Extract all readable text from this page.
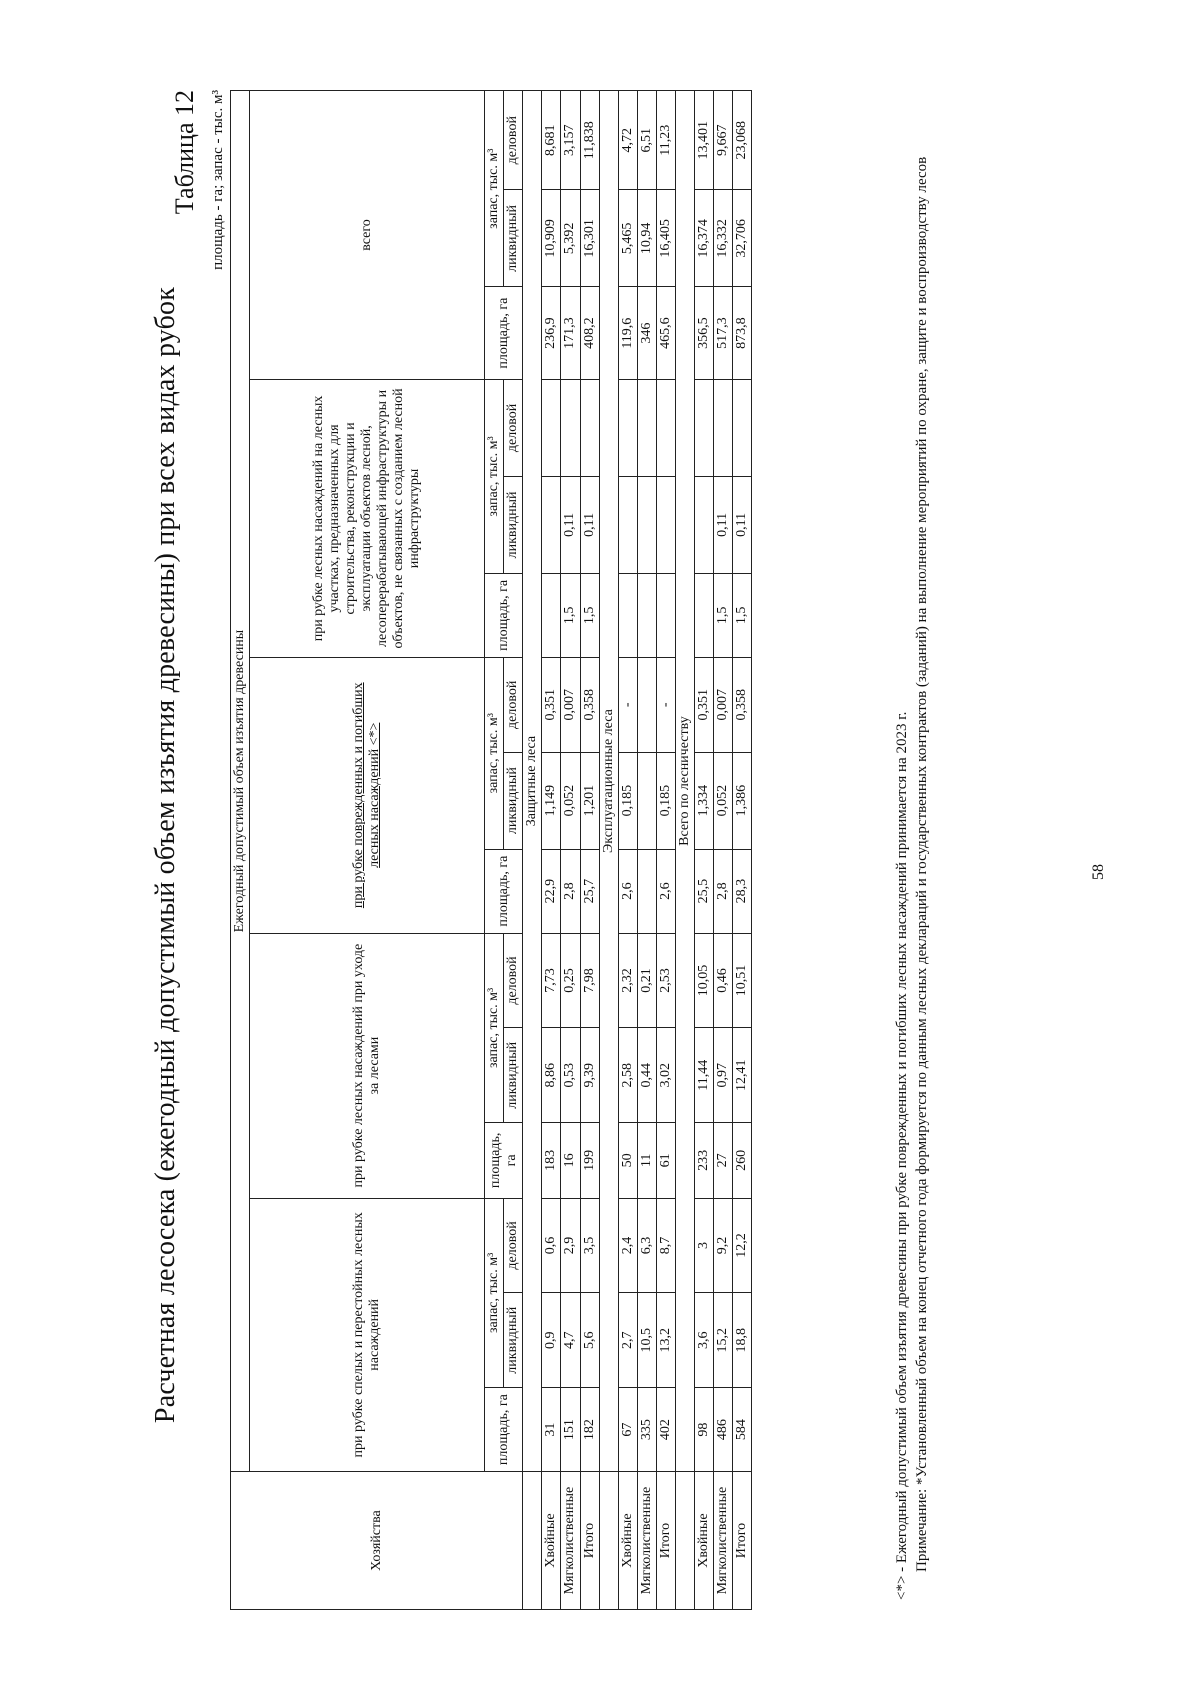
Расчетная лесосека (ежегодный допустимый объем изъятия древесины) при всех видах рубок
Таблица 12 площадь - га; запас - тыс. м³
Хозяйства	Ежегодный допустимый объем изъятия древесины														
	при рубке спелых и перестойных лесных насаждений			при рубке лесных насаждений при уходе за лесами			при рубке поврежденных и погибших лесных насаждений <*>			при рубке лесных насаждений на лесных участках, предназначенных для строительства, реконструкции и эксплуатации объектов лесной, лесоперерабатывающей инфраструктуры и объектов, не связанных с созданием лесной инфраструктуры			всего		
	площадь, га	запас, тыс. м³		площадь, га	запас, тыс. м³		площадь, га	запас, тыс. м³		площадь, га	запас, тыс. м³		площадь, га	запас, тыс. м³	
		ликвидный	деловой		ликвидный	деловой		ликвидный	деловой		ликвидный	деловой		ликвидный	деловой
	Защитные леса														
Хвойные	31	0,9	0,6	183	8,86	7,73	22,9	1,149	0,351				236,9	10,909	8,681
Мягколиственные	151	4,7	2,9	16	0,53	0,25	2,8	0,052	0,007	1,5	0,11		171,3	5,392	3,157
Итого	182	5,6	3,5	199	9,39	7,98	25,7	1,201	0,358	1,5	0,11		408,2	16,301	11,838
	Эксплуатационные леса														
Хвойные	67	2,7	2,4	50	2,58	2,32	2,6	0,185	-				119,6	5,465	4,72
Мягколиственные	335	10,5	6,3	11	0,44	0,21							346	10,94	6,51
Итого	402	13,2	8,7	61	3,02	2,53	2,6	0,185	-				465,6	16,405	11,23
	Всего по лесничеству														
Хвойные	98	3,6	3	233	11,44	10,05	25,5	1,334	0,351				356,5	16,374	13,401
Мягколиственные	486	15,2	9,2	27	0,97	0,46	2,8	0,052	0,007	1,5	0,11		517,3	16,332	9,667
Итого	584	18,8	12,2	260	12,41	10,51	28,3	1,386	0,358	1,5	0,11		873,8	32,706	23,068

<*> - Ежегодный допустимый объем изъятия древесины при рубке поврежденных и погибших лесных насаждений принимается на 2023 г. Примечание: *Установленный объем на конец отчетного года формируется по данным лесных деклараций и государственных контрактов (заданий) на выполнение мероприятий по охране, защите и воспроизводству лесов	58
